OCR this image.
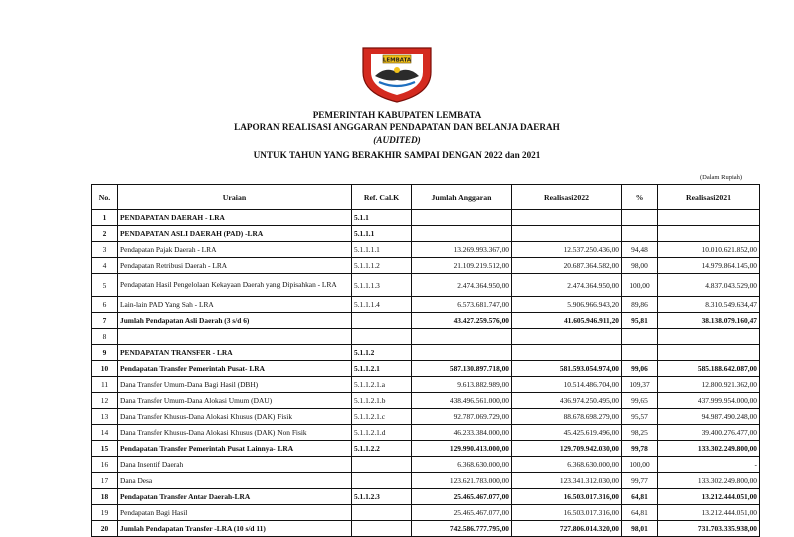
LEMBATA
PEMERINTAH KABUPATEN LEMBATA
LAPORAN REALISASI ANGGARAN PENDAPATAN DAN BELANJA DAERAH
(AUDITED)
UNTUK TAHUN YANG BERAKHIR SAMPAI DENGAN 2022 dan 2021
(Dalam Rupiah)
No.	Uraian	Ref. Cal.K	Jumlah Anggaran	Realisasi2022	%	Realisasi2021
1	PENDAPATAN DAERAH - LRA	5.1.1				
2	PENDAPATAN ASLI DAERAH (PAD) -LRA	5.1.1.1				
3	Pendapatan Pajak Daerah - LRA	5.1.1.1.1	13.269.993.367,00	12.537.250.436,00	94,48	10.010.621.852,00
4	Pendapatan Retribusi Daerah - LRA	5.1.1.1.2	21.109.219.512,00	20.687.364.582,00	98,00	14.979.864.145,00
5	Pendapatan Hasil Pengelolaan Kekayaan Daerah yang Dipisahkan - LRA	5.1.1.1.3	2.474.364.950,00	2.474.364.950,00	100,00	4.837.043.529,00
6	Lain-lain PAD Yang Sah - LRA	5.1.1.1.4	6.573.681.747,00	5.906.966.943,20	89,86	8.310.549.634,47
7	Jumlah Pendapatan Asli Daerah (3 s/d 6)		43.427.259.576,00	41.605.946.911,20	95,81	38.138.079.160,47
8						
9	PENDAPATAN TRANSFER - LRA	5.1.1.2				
10	Pendapatan Transfer Pemerintah Pusat- LRA	5.1.1.2.1	587.130.897.718,00	581.593.054.974,00	99,06	585.188.642.087,00
11	Dana Transfer Umum-Dana Bagi Hasil (DBH)	5.1.1.2.1.a	9.613.882.989,00	10.514.486.704,00	109,37	12.800.921.362,00
12	Dana Transfer Umum-Dana Alokasi Umum (DAU)	5.1.1.2.1.b	438.496.561.000,00	436.974.250.495,00	99,65	437.999.954.000,00
13	Dana Transfer Khusus-Dana Alokasi Khusus (DAK) Fisik	5.1.1.2.1.c	92.787.069.729,00	88.678.698.279,00	95,57	94.987.490.248,00
14	Dana Transfer Khusus-Dana Alokasi Khusus (DAK) Non Fisik	5.1.1.2.1.d	46.233.384.000,00	45.425.619.496,00	98,25	39.400.276.477,00
15	Pendapatan Transfer Pemerintah Pusat Lainnya- LRA	5.1.1.2.2	129.990.413.000,00	129.709.942.030,00	99,78	133.302.249.800,00
16	Dana Insentif Daerah		6.368.630.000,00	6.368.630.000,00	100,00	-
17	Dana Desa		123.621.783.000,00	123.341.312.030,00	99,77	133.302.249.800,00
18	Pendapatan Transfer Antar Daerah-LRA	5.1.1.2.3	25.465.467.077,00	16.503.017.316,00	64,81	13.212.444.051,00
19	Pendapatan Bagi Hasil		25.465.467.077,00	16.503.017.316,00	64,81	13.212.444.051,00
20	Jumlah Pendapatan Transfer -LRA (10 s/d 11)		742.586.777.795,00	727.806.014.320,00	98,01	731.703.335.938,00
